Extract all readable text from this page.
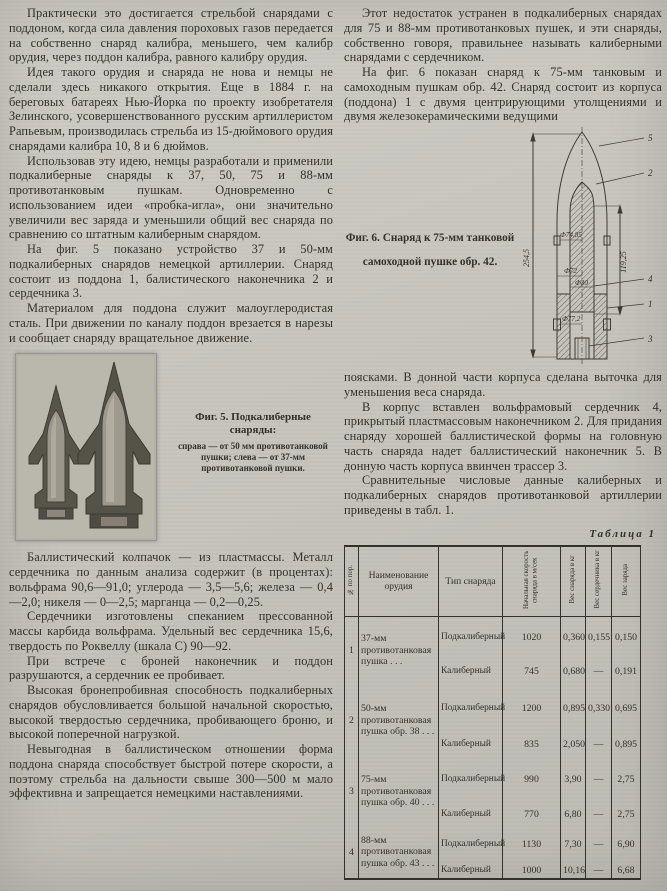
Практически это достигается стрельбой снарядами с поддоном, когда сила давления пороховых газов передается на собственно снаряд калибра, меньшего, чем калибр орудия, через поддон калибра, равного калибру орудия.

Идея такого орудия и снаряда не нова и немцы не сделали здесь никакого открытия. Еще в 1884 г. на береговых батареях Нью-Йорка по проекту изобретателя Зелинского, усовершенствованного русским артиллеристом Рапьевым, производилась стрельба из 15-дюймового орудия снарядами калибра 10, 8 и 6 дюймов.

Использовав эту идею, немцы разработали и применили подкалиберные снаряды к 37, 50, 75 и 88-мм противотанковым пушкам. Одновременно с использованием идеи «пробка-игла», они значительно увеличили вес заряда и уменьшили общий вес снаряда по сравнению со штатным калиберным снарядом.

На фиг. 5 показано устройство 37 и 50-мм подкалиберных снарядов немецкой артиллерии. Снаряд состоит из поддона 1, балистического наконечника 2 и сердечника 3.

Материалом для поддона служит малоуглеродистая сталь. При движении по каналу поддон врезается в нарезы и сообщает снаряду вращательное движение.

Фиг. 5. Подкалиберные снаряды:
справа — от 50 мм противотанковой пушки; слева — от 37-мм противотанковой пушки.

Баллистический колпачок — из пластмассы. Металл сердечника по данным анализа содержит (в процентах): вольфрама 90,6—91,0; углерода — 3,5—5,6; железа — 0,4—2,0; никеля — 0—2,5; марганца — 0,2—0,25.

Сердечники изготовлены спеканием прессованной массы карбида вольфрама. Удельный вес сердечника 15,6, твердость по Роквеллу (шкала С) 90—92.

При встрече с броней наконечник и поддон разрушаются, а сердечник ее пробивает.

Высокая бронепробивная способность подкалиберных снарядов обусловливается большой начальной скоростью, высокой твердостью сердечника, пробивающего броню, и высокой поперечной нагрузкой.

Невыгодная в баллистическом отношении форма поддона снаряда способствует быстрой потере скорости, а поэтому стрельба на дальности свыше 300—500 м мало эффективна и запрещается немецкими наставлениями.

Этот недостаток устранен в подкалиберных снарядах для 75 и 88-мм противотанковых пушек, и эти снаряды, собственно говоря, правильнее называть калиберными снарядами с сердечником.

На фиг. 6 показан снаряд к 75-мм танковым и самоходным пушкам обр. 42. Снаряд состоит из корпуса (поддона) 1 с двумя центрирующими утолщениями и двумя железокерамическими ведущими

Фиг. 6. Снаряд к 75-мм танковой самоходной пушке обр. 42.	254,5	119,25
Ф74,85
Ф72
Ф30
Ф77,2
5
2
4
1
3

поясками. В донной части корпуса сделана выточка для уменьшения веса снаряда.

В корпус вставлен вольфрамовый сердечник 4, прикрытый пластмассовым наконечником 2. Для придания снаряду хорошей баллистической формы на головную часть снаряда надет баллистический наконечник 5. В донную часть корпуса ввинчен трассер 3.

Сравнительные числовые данные калиберных и подкалиберных снарядов противотанковой артиллерии приведены в табл. 1.

Таблица 1
№ по пор.	Наименование орудия	Тип снаряда	Начальная скорость снаряда в м/сек	Вес снаряда в кг	Вес сердечника в кг	Вес заряда
1	37-мм противотанковая пушка . . .	Подкалиберный	1020	0,360	0,155	0,150
		Калиберный	745	0,680	—	0,191
2	50-мм противотанковая пушка обр. 38 . . .	Подкалиберный	1200	0,895	0,330	0,695
		Калиберный	835	2,050	—	0,895
3	75-мм противотанковая пушка обр. 40 . . .	Подкалиберный	990	3,90	—	2,75
		Калиберный	770	6,80	—	2,75
4	88-мм противотанковая пушка обр. 43 . . .	Подкалиберный	1130	7,30	—	6,90
		Калиберный	1000	10,16	—	6,68
